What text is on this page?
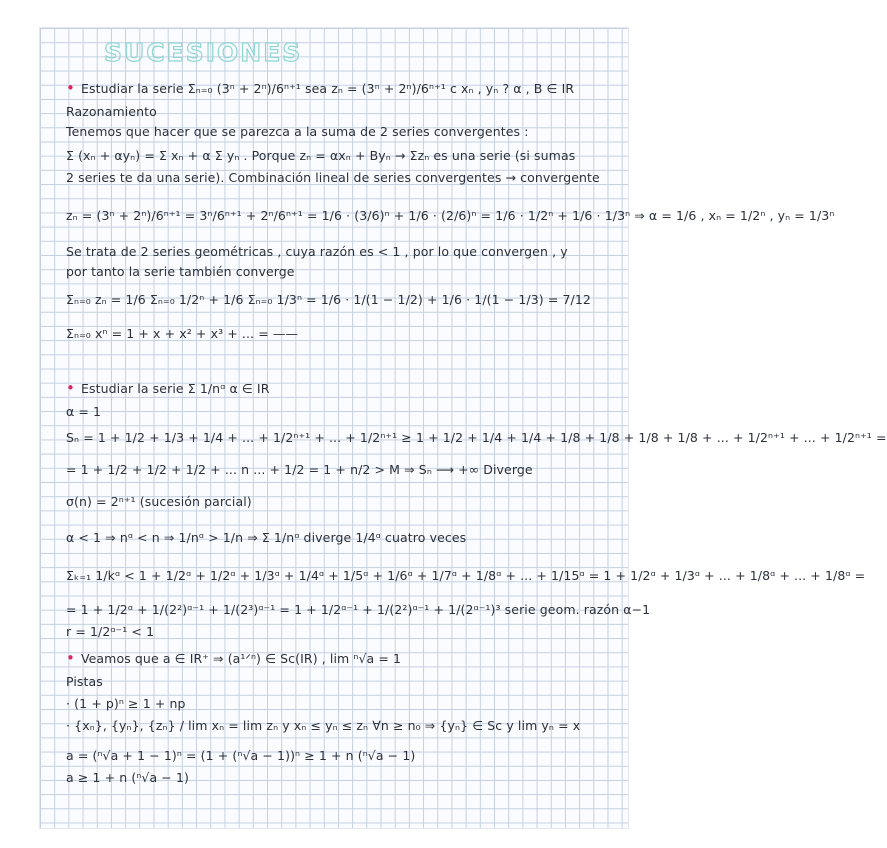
SUCESIONES
• Estudiar la serie Σₙ₌₀ (3ⁿ + 2ⁿ)/6ⁿ⁺¹ sea zₙ = (3ⁿ + 2ⁿ)/6ⁿ⁺¹ c xₙ , yₙ ? α , B ∈ IR
Razonamiento
Tenemos que hacer que se parezca a la suma de 2 series convergentes :
Σ (xₙ + αyₙ) = Σ xₙ + α Σ yₙ . Porque zₙ = αxₙ + Byₙ → Σzₙ es una serie (si sumas
2 series te da una serie). Combinación lineal de series convergentes → convergente
zₙ = (3ⁿ + 2ⁿ)/6ⁿ⁺¹ = 3ⁿ/6ⁿ⁺¹ + 2ⁿ/6ⁿ⁺¹ = 1/6 · (3/6)ⁿ + 1/6 · (2/6)ⁿ = 1/6 · 1/2ⁿ + 1/6 · 1/3ⁿ ⇒ α = 1/6 , xₙ = 1/2ⁿ , yₙ = 1/3ⁿ
Se trata de 2 series geométricas , cuya razón es < 1 , por lo que convergen , y
por tanto la serie también converge
Σₙ₌₀ zₙ = 1/6 Σₙ₌₀ 1/2ⁿ + 1/6 Σₙ₌₀ 1/3ⁿ = 1/6 · 1/(1 − 1/2) + 1/6 · 1/(1 − 1/3) = 7/12
Σₙ₌₀ xⁿ = 1 + x + x² + x³ + ... = ——
• Estudiar la serie Σ 1/nᵅ α ∈ IR
α = 1
Sₙ = 1 + 1/2 + 1/3 + 1/4 + ... + 1/2ⁿ⁺¹ + ... + 1/2ⁿ⁺¹ ≥ 1 + 1/2 + 1/4 + 1/4 + 1/8 + 1/8 + 1/8 + 1/8 + ... + 1/2ⁿ⁺¹ + ... + 1/2ⁿ⁺¹ =
= 1 + 1/2 + 1/2 + 1/2 + ... n ... + 1/2 = 1 + n/2 > M ⇒ Sₙ ⟶ +∞ Diverge
σ(n) = 2ⁿ⁺¹ (sucesión parcial)
α < 1 ⇒ nᵅ < n ⇒ 1/nᵅ > 1/n ⇒ Σ 1/nᵅ diverge 1/4ᵅ cuatro veces
Σₖ₌₁ 1/kᵅ < 1 + 1/2ᵅ + 1/2ᵅ + 1/3ᵅ + 1/4ᵅ + 1/5ᵅ + 1/6ᵅ + 1/7ᵅ + 1/8ᵅ + ... + 1/15ᵅ = 1 + 1/2ᵅ + 1/3ᵅ + ... + 1/8ᵅ + ... + 1/8ᵅ =
= 1 + 1/2ᵅ + 1/(2²)ᵅ⁻¹ + 1/(2³)ᵅ⁻¹ = 1 + 1/2ᵅ⁻¹ + 1/(2²)ᵅ⁻¹ + 1/(2ᵅ⁻¹)³ serie geom. razón α−1
r = 1/2ᵅ⁻¹ < 1
• Veamos que a ∈ IR⁺ ⇒ (a¹ᐟⁿ) ∈ Sc(IR) , lim ⁿ√a = 1
Pistas
· (1 + p)ⁿ ≥ 1 + np
· {xₙ}, {yₙ}, {zₙ} / lim xₙ = lim zₙ y xₙ ≤ yₙ ≤ zₙ ∀n ≥ n₀ ⇒ {yₙ} ∈ Sc y lim yₙ = x
a = (ⁿ√a + 1 − 1)ⁿ = (1 + (ⁿ√a − 1))ⁿ ≥ 1 + n (ⁿ√a − 1)
a ≥ 1 + n (ⁿ√a − 1)
